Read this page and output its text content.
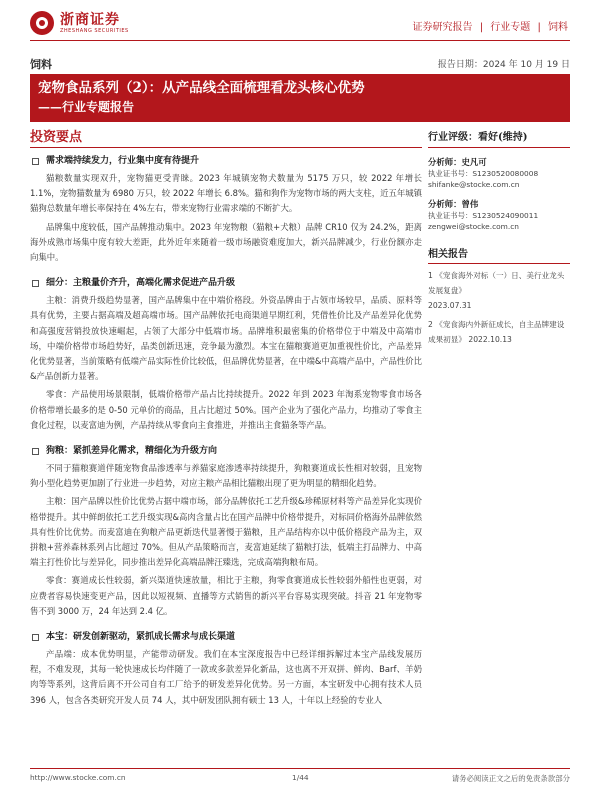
浙商证券
ZHESHANG SECURITIES	证券研究报告 | 行业专题 | 饲料
饲料	报告日期：2024 年 10 月 19 日
宠物食品系列（2）：从产品线全面梳理看龙头核心优势
——行业专题报告
投资要点
需求端持续发力，行业集中度有待提升

猫粮数量实现双升，宠物猫更受青睐。2023 年城镇宠物犬数量为 5175 万只，较 2022 年增长 1.1%，宠物猫数量为 6980 万只，较 2022 年增长 6.8%。猫和狗作为宠物市场的两大支柱，近五年城镇猫狗总数量年增长率保持在 4%左右，带来宠物行业需求端的不断扩大。

品牌集中度较低，国产品牌推动集中。2023 年宠物粮（猫粮+犬粮）品牌 CR10 仅为 24.2%，距离海外成熟市场集中度有较大差距，此外近年来随着一级市场融资难度加大，新兴品牌减少，行业份额亦走向集中。

细分：主粮量价齐升，高端化需求促进产品升级

主粮：消费升级趋势显著，国产品牌集中在中端价格段。外资品牌由于占领市场较早，品质、原料等具有优势，主要占据高端及超高端市场。国产品牌依托电商渠道早期红利，凭借性价比及产品差异化优势和高强度营销投放快速崛起，占领了大部分中低端市场。品牌堆积最密集的价格带位于中端及中高端市场，中端价格带市场趋势好，品类创新迅速，竞争最为激烈。本宝在猫粮赛道更加重视性价比，产品差异化优势显著，当前策略有低端产品实际性价比较低，但品牌优势显著，在中端&中高端产品中，产品性价比&产品创新力显著。

零食：产品使用场景限制，低端价格带产品占比持续提升。2022 年到 2023 年淘系宠物零食市场各价格带增长最多的是 0-50 元单价的商品，且占比超过 50%。国产企业为了强化产品力，均推动了零食主食化过程，以麦富迪为例，产品持续从零食向主食推进，并推出主食猫条等产品。

狗粮：紧抓差异化需求，精细化为升级方向

不同于猫粮赛道伴随宠物食品渗透率与养猫家庭渗透率持续提升，狗粮赛道成长性相对较弱，且宠物狗小型化趋势更加剧了行业进一步趋势，对应主粮产品相比猫粮出现了更为明显的精细化趋势。

主粮：国产品牌以性价比优势占据中端市场，部分品牌依托工艺升级&珍稀原材料等产品差异化实现价格带提升。其中鲜朗依托工艺升级实现&高肉含量占比在国产品牌中价格带提升，对标同价格海外品牌依然具有性价比优势。而麦富迪在狗粮产品更新迭代显著慢于猫粮，且产品结构亦以中低价格段产品为主，双拼粮+营养森林系列占比超过 70%。但从产品策略而言，麦富迪延续了猫粮打法，低端主打品牌力、中高端主打性价比与差异化，同步推出差异化高端品牌汪臻选，完成高端狗粮布局。

零食：赛道成长性较弱，新兴渠道快速放量，相比于主粮，狗零食赛道成长性较弱外船性也更弱，对应费者容易快速变更产品，因此以短视频、直播等方式销售的新兴平台容易实现突破。抖音 21 年宠物零售不到 3000 万，24 年达到 2.4 亿。

本宝：研发创新驱动，紧抓成长需求与成长渠道

产品端：成本优势明显，产能带动研发。我们在本宝深度报告中已经详细拆解过本宝产品线发展历程，不难发现，其每一轮快速成长均伴随了一款或多款差异化新品，这也离不开双拼、鲜肉、Barf、羊奶肉等等系列，这背后离不开公司自有工厂给予的研发差异化优势。另一方面，本宝研发中心拥有技术人员 396 人，包含各类研究开发人员 74 人，其中研发团队拥有硕士 13 人，十年以上经验的专业人

行业评级：看好(维持)
分析师：史凡可
执业证书号：S1230520080008
shifanke@stocke.com.cn
分析师：曾伟
执业证书号：S1230524090011
zengwei@stocke.com.cn
相关报告
1 《宠食海外对标（一）日、美行业龙头发展复盘》
2023.07.31
2 《宠食海内外新征成长，自主品牌建设成果初显》 2022.10.13
http://www.stocke.com.cn	1/44	请务必阅读正文之后的免责条款部分
